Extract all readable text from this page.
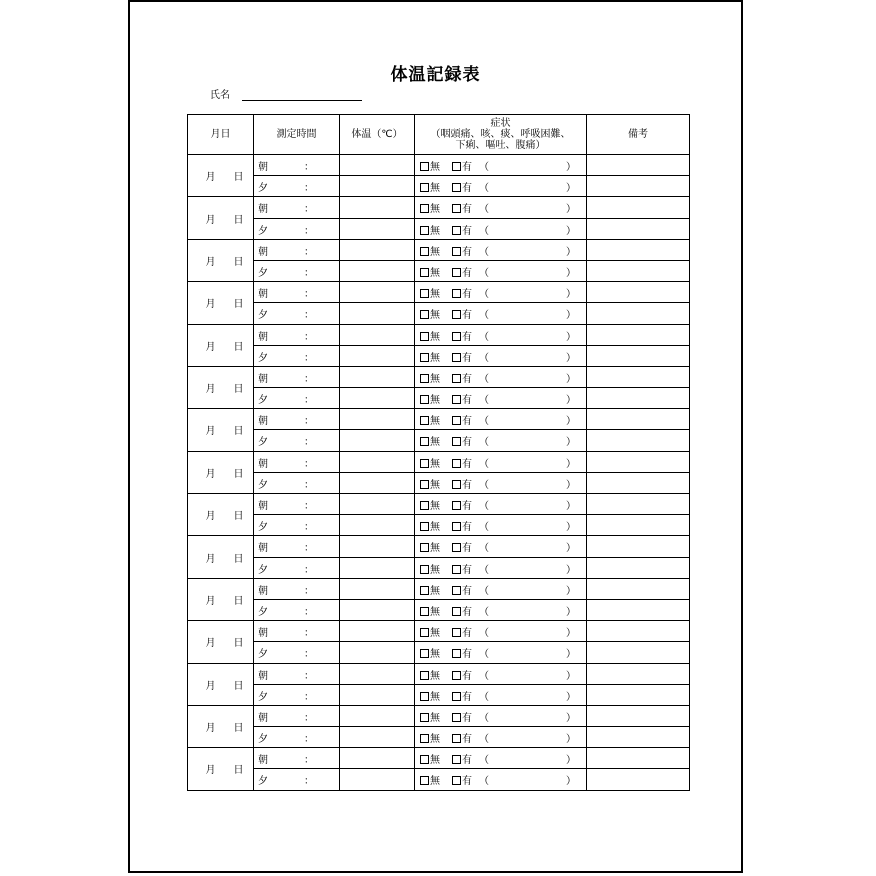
体温記録表
氏名
月日	測定時間	体温（℃）	症状
（咽頭痛、咳、痰、呼吸困難、
下痢、嘔吐、腹痛）	備考
月 日	朝 ：		無 有 （ ）	

	夕 ：		無 有 （ ）	

月 日	朝 ：		無 有 （ ）	

	夕 ：		無 有 （ ）	

月 日	朝 ：		無 有 （ ）	

	夕 ：		無 有 （ ）	

月 日	朝 ：		無 有 （ ）	

	夕 ：		無 有 （ ）	

月 日	朝 ：		無 有 （ ）	

	夕 ：		無 有 （ ）	

月 日	朝 ：		無 有 （ ）	

	夕 ：		無 有 （ ）	

月 日	朝 ：		無 有 （ ）	

	夕 ：		無 有 （ ）	

月 日	朝 ：		無 有 （ ）	

	夕 ：		無 有 （ ）	

月 日	朝 ：		無 有 （ ）	

	夕 ：		無 有 （ ）	

月 日	朝 ：		無 有 （ ）	

	夕 ：		無 有 （ ）	

月 日	朝 ：		無 有 （ ）	

	夕 ：		無 有 （ ）	

月 日	朝 ：		無 有 （ ）	

	夕 ：		無 有 （ ）	

月 日	朝 ：		無 有 （ ）	

	夕 ：		無 有 （ ）	

月 日	朝 ：		無 有 （ ）	

	夕 ：		無 有 （ ）	

月 日	朝 ：		無 有 （ ）	

	夕 ：		無 有 （ ）	
